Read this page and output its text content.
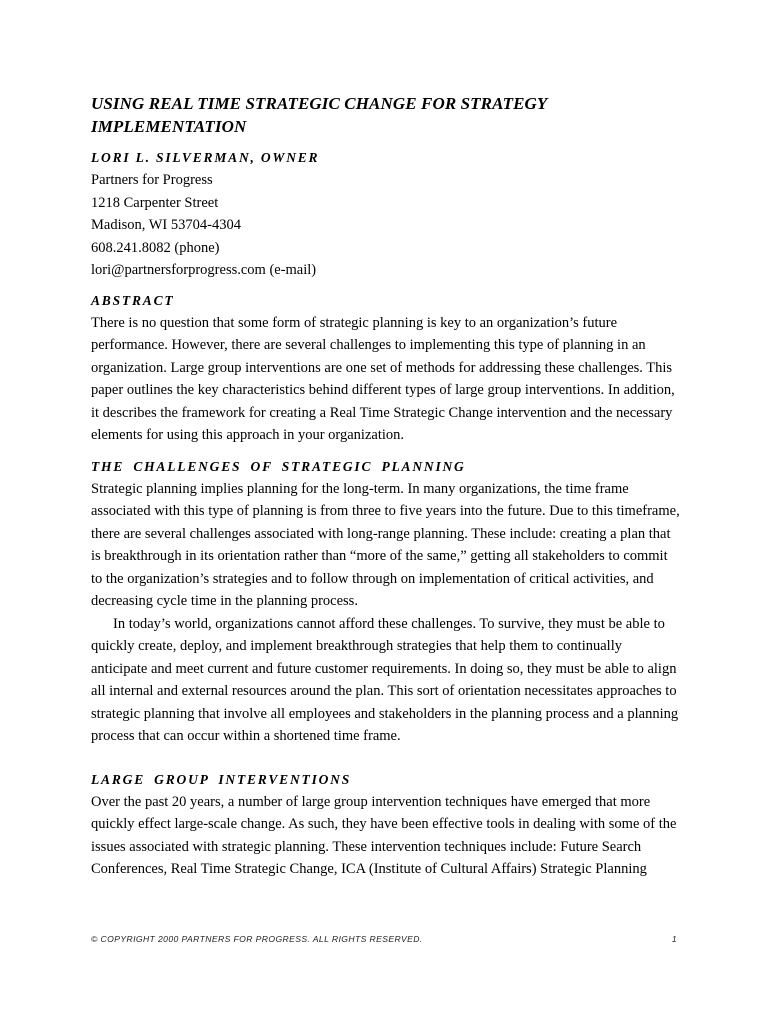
USING REAL TIME STRATEGIC CHANGE FOR STRATEGY IMPLEMENTATION

LORI L. SILVERMAN, OWNER

Partners for Progress

1218 Carpenter Street

Madison, WI 53704-4304

608.241.8082 (phone)

lori@partnersforprogress.com (e-mail)

ABSTRACT

There is no question that some form of strategic planning is key to an organization’s future performance. However, there are several challenges to implementing this type of planning in an organization. Large group interventions are one set of methods for addressing these challenges. This paper outlines the key characteristics behind different types of large group interventions. In addition, it describes the framework for creating a Real Time Strategic Change intervention and the necessary elements for using this approach in your organization.

THE CHALLENGES OF STRATEGIC PLANNING

Strategic planning implies planning for the long-term. In many organizations, the time frame associated with this type of planning is from three to five years into the future. Due to this timeframe, there are several challenges associated with long-range planning. These include: creating a plan that is breakthrough in its orientation rather than “more of the same,” getting all stakeholders to commit to the organization’s strategies and to follow through on implementation of critical activities, and decreasing cycle time in the planning process.

In today’s world, organizations cannot afford these challenges. To survive, they must be able to quickly create, deploy, and implement breakthrough strategies that help them to continually anticipate and meet current and future customer requirements. In doing so, they must be able to align all internal and external resources around the plan. This sort of orientation necessitates approaches to strategic planning that involve all employees and stakeholders in the planning process and a planning process that can occur within a shortened time frame.

LARGE GROUP INTERVENTIONS

Over the past 20 years, a number of large group intervention techniques have emerged that more quickly effect large-scale change. As such, they have been effective tools in dealing with some of the issues associated with strategic planning. These intervention techniques include: Future Search Conferences, Real Time Strategic Change, ICA (Institute of Cultural Affairs) Strategic Planning

© COPYRIGHT 2000 PARTNERS FOR PROGRESS. ALL RIGHTS RESERVED.	1
